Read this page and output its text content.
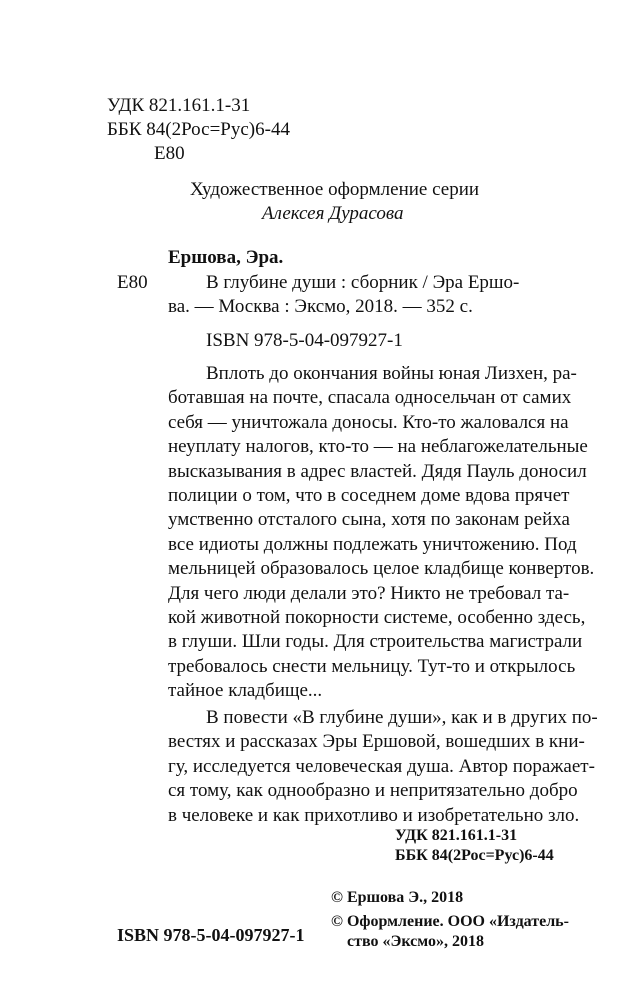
УДК 821.161.1-31
ББК 84(2Рос=Рус)6-44
Е80
Художественное оформление серии
Алексея Дурасова
Ершова, Эра.
Е80	В глубине души : сборник / Эра Ершо-
ва. — Москва : Эксмо, 2018. — 352 с.
ISBN 978-5-04-097927-1
Вплоть до окончания войны юная Лизхен, ра-
ботавшая на почте, спасала односельчан от самих
себя — уничтожала доносы. Кто-то жаловался на
неуплату налогов, кто-то — на неблагожелательные
высказывания в адрес властей. Дядя Пауль доносил
полиции о том, что в соседнем доме вдова прячет
умственно отсталого сына, хотя по законам рейха
все идиоты должны подлежать уничтожению. Под
мельницей образовалось целое кладбище конвертов.
Для чего люди делали это? Никто не требовал та-
кой животной покорности системе, особенно здесь,
в глуши. Шли годы. Для строительства магистрали
требовалось снести мельницу. Тут-то и открылось
тайное кладбище...
В повести «В глубине души», как и в других по-
вестях и рассказах Эры Ершовой, вошедших в кни-
гу, исследуется человеческая душа. Автор поражает-
ся тому, как однообразно и непритязательно добро
в человеке и как прихотливо и изобретательно зло.
УДК 821.161.1-31
ББК 84(2Рос=Рус)6-44
© Ершова Э., 2018
© Оформление. ООО «Издатель-
ство «Эксмо», 2018
ISBN 978-5-04-097927-1
